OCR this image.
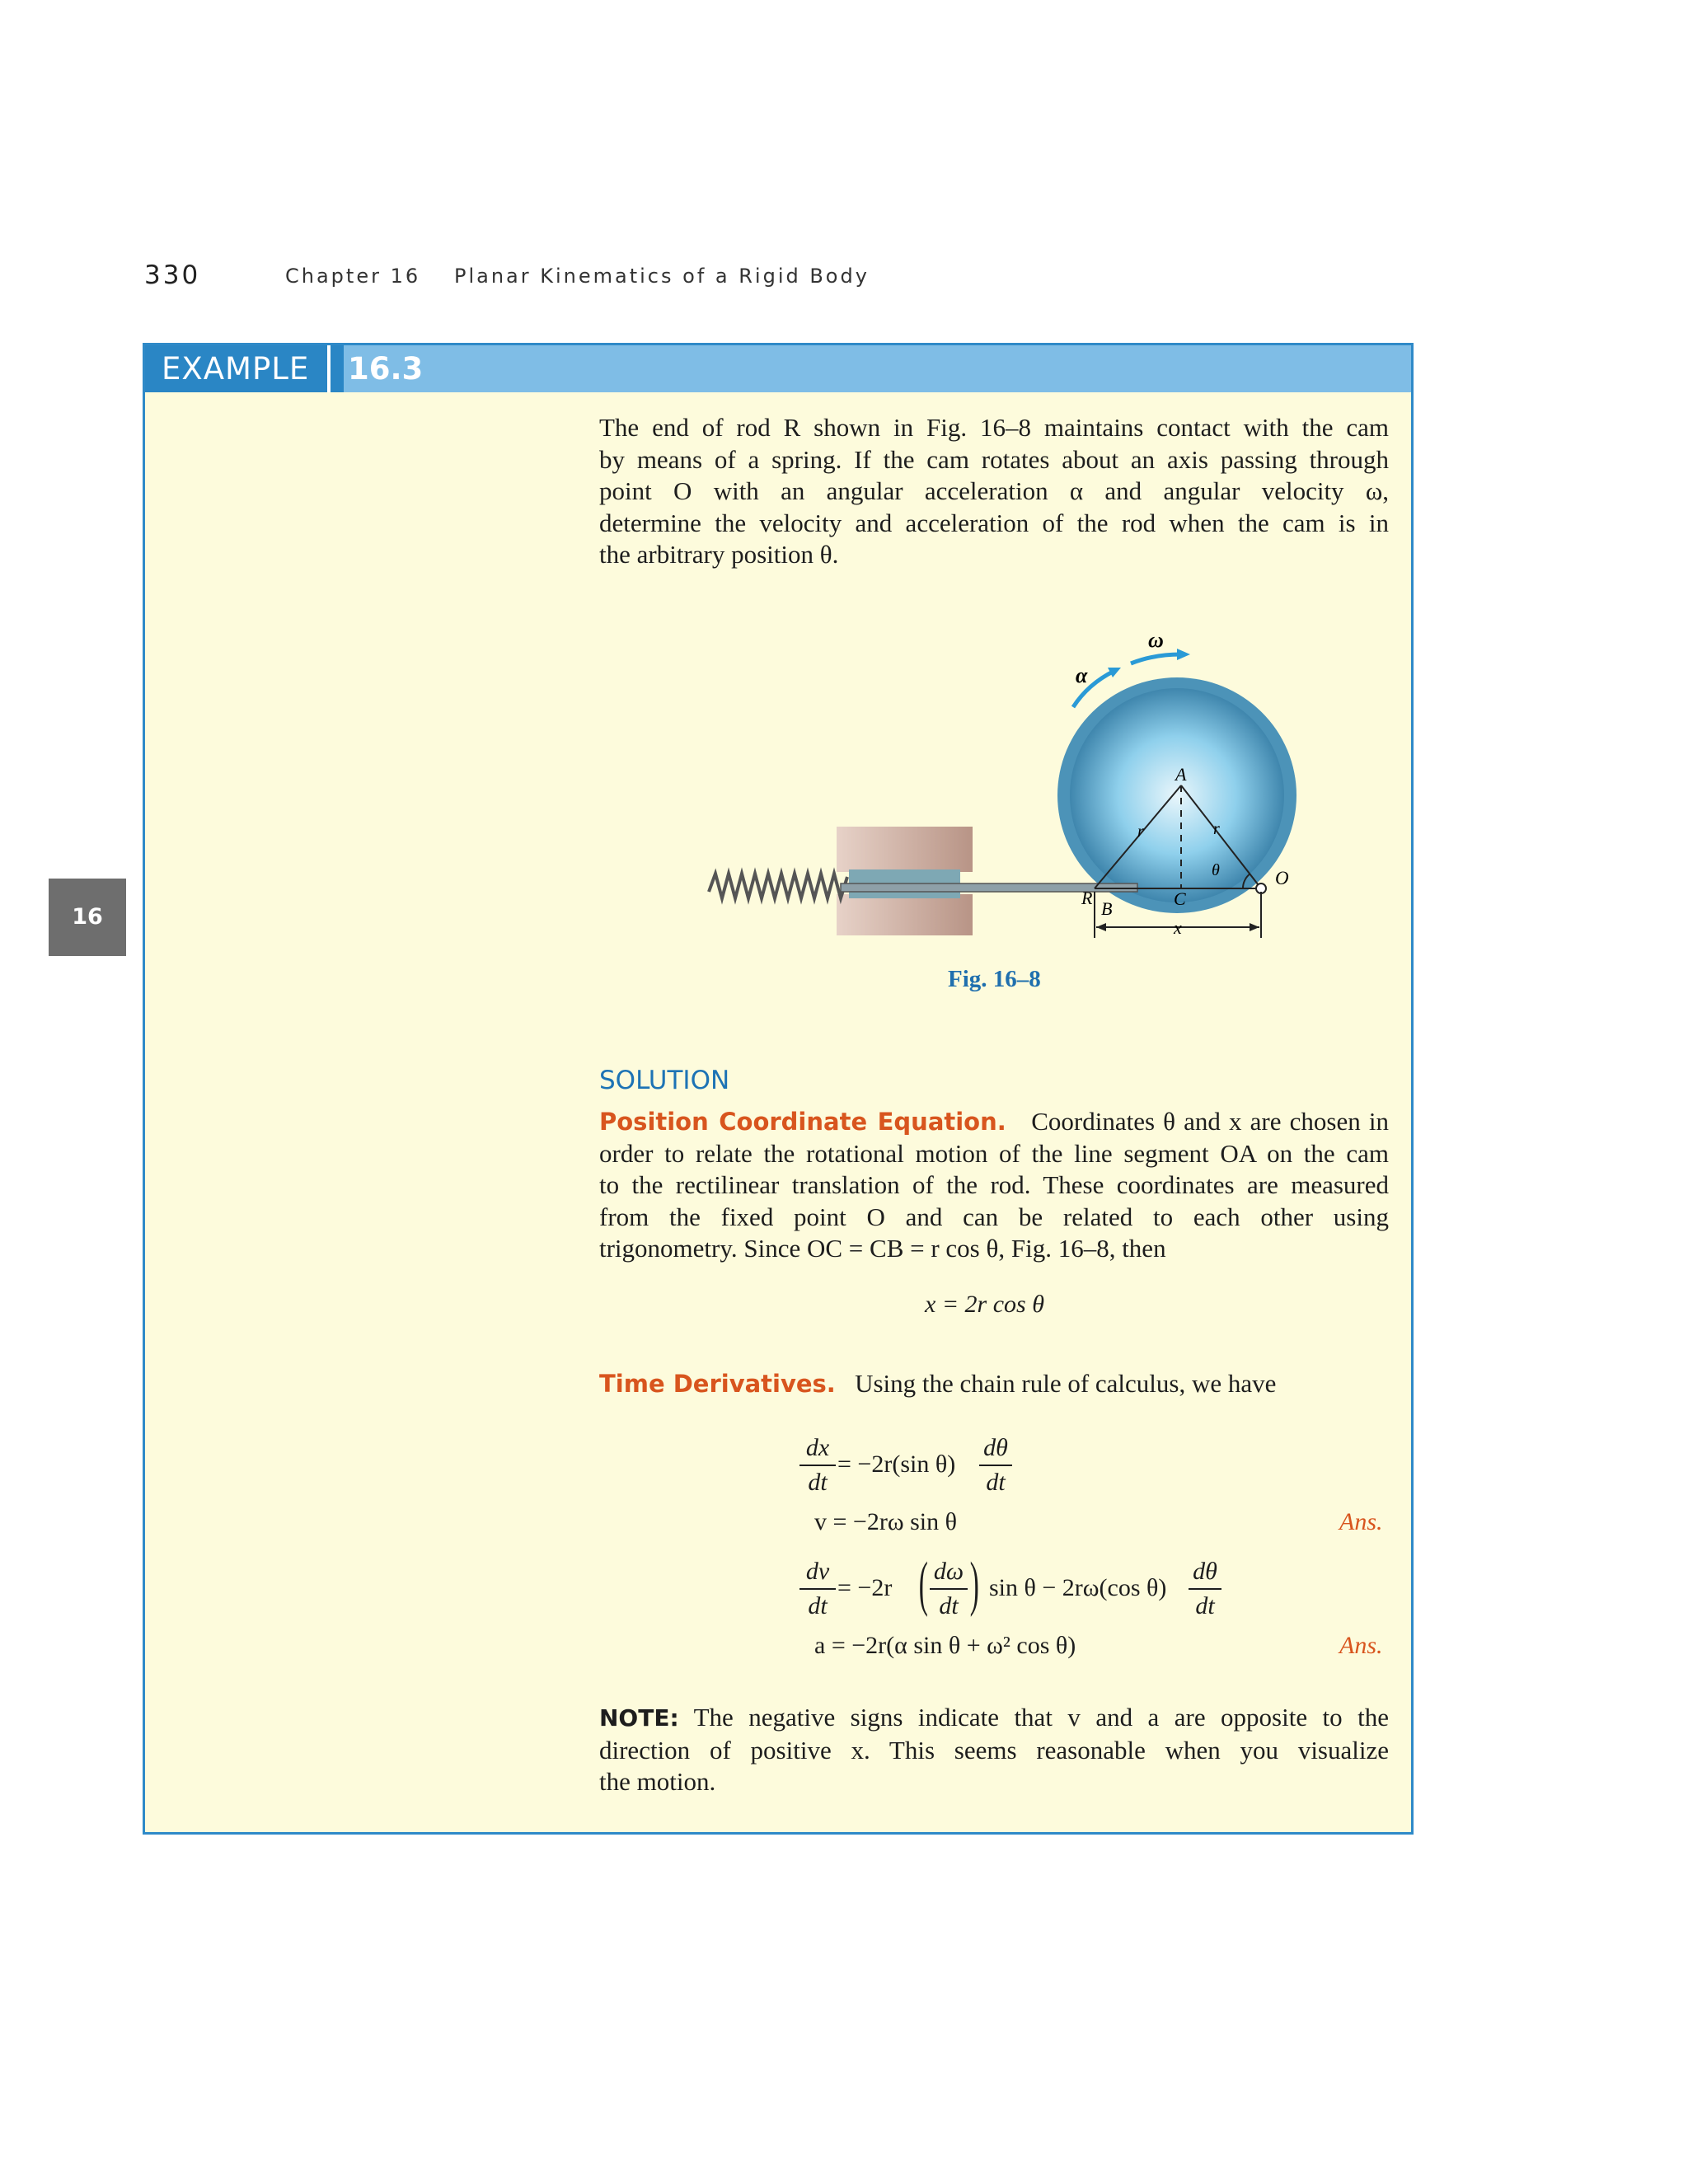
330	Chapter 16 Planar Kinematics of a Rigid Body
16
EXAMPLE	16.3
The end of rod R shown in Fig. 16–8 maintains contact with the cam
by means of a spring. If the cam rotates about an axis passing through
point O with an angular acceleration α and angular velocity ω,
determine the velocity and acceleration of the rod when the cam is in
the arbitrary position θ.
ω
α
A
r	r
θ	O
R
B	C
x
Fig. 16–8
SOLUTION
Position Coordinate Equation. Coordinates θ and x are chosen in
order to relate the rotational motion of the line segment OA on the cam
to the rectilinear translation of the rod. These coordinates are measured
from the fixed point O and can be related to each other using
trigonometry. Since OC = CB = r cos θ, Fig. 16–8, then
x = 2r cos θ
Time Derivatives. Using the chain rule of calculus, we have
dx
dt
= −2r(sin θ)
dθ
dt
v = −2rω sin θ	Ans.
dv
dt
= −2r ( dω
dt ) sin θ − 2rω(cos θ)
dθ
dt
a = −2r(α sin θ + ω² cos θ)	Ans.
NOTE: The negative signs indicate that v and a are opposite to the
direction of positive x. This seems reasonable when you visualize
the motion.
